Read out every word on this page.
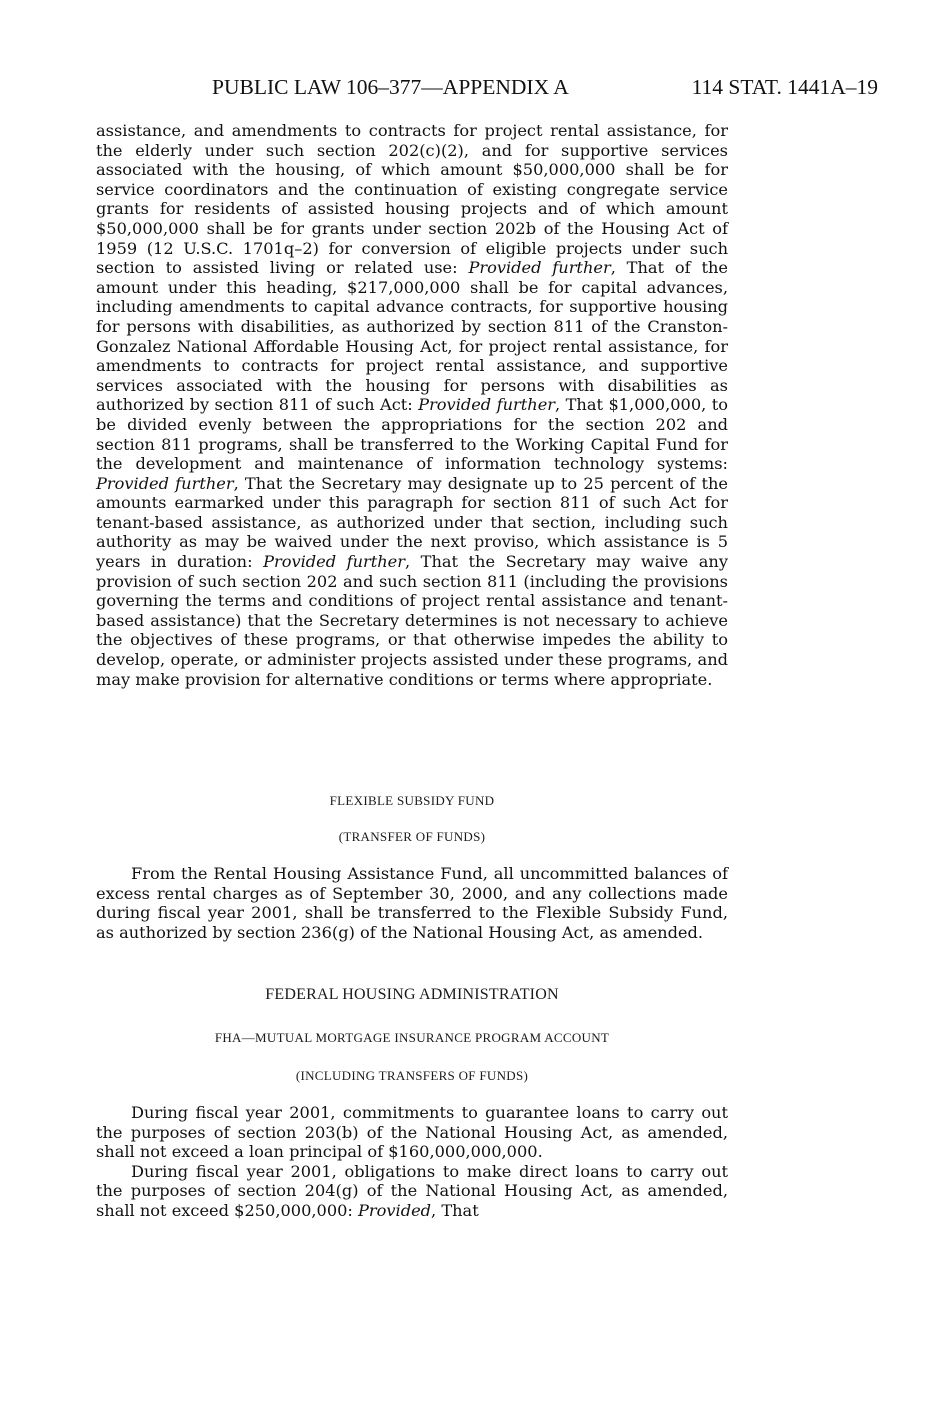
PUBLIC LAW 106–377—APPENDIX A	114 STAT. 1441A–19

assistance, and amendments to contracts for project rental assistance, for the elderly under such section 202(c)(2), and for supportive services associated with the housing, of which amount $50,000,000 shall be for service coordinators and the continuation of existing congregate service grants for residents of assisted housing projects and of which amount $50,000,000 shall be for grants under section 202b of the Housing Act of 1959 (12 U.S.C. 1701q–2) for conversion of eligible projects under such section to assisted living or related use: Provided further, That of the amount under this heading, $217,000,000 shall be for capital advances, including amendments to capital advance contracts, for supportive housing for persons with disabilities, as authorized by section 811 of the Cranston-Gonzalez National Affordable Housing Act, for project rental assistance, for amendments to contracts for project rental assistance, and supportive services associated with the housing for persons with disabilities as authorized by section 811 of such Act: Provided further, That $1,000,000, to be divided evenly between the appropriations for the section 202 and section 811 programs, shall be transferred to the Working Capital Fund for the development and maintenance of information technology systems: Provided further, That the Secretary may designate up to 25 percent of the amounts earmarked under this paragraph for section 811 of such Act for tenant-based assistance, as authorized under that section, including such authority as may be waived under the next proviso, which assistance is 5 years in duration: Provided further, That the Secretary may waive any provision of such section 202 and such section 811 (including the provisions governing the terms and conditions of project rental assistance and tenant-based assistance) that the Secretary determines is not necessary to achieve the objectives of these programs, or that otherwise impedes the ability to develop, operate, or administer projects assisted under these programs, and may make provision for alternative conditions or terms where appropriate.

FLEXIBLE SUBSIDY FUND
(TRANSFER OF FUNDS)

From the Rental Housing Assistance Fund, all uncommitted balances of excess rental charges as of September 30, 2000, and any collections made during fiscal year 2001, shall be transferred to the Flexible Subsidy Fund, as authorized by section 236(g) of the National Housing Act, as amended.

FEDERAL HOUSING ADMINISTRATION
FHA—MUTUAL MORTGAGE INSURANCE PROGRAM ACCOUNT
(INCLUDING TRANSFERS OF FUNDS)

During fiscal year 2001, commitments to guarantee loans to carry out the purposes of section 203(b) of the National Housing Act, as amended, shall not exceed a loan principal of $160,000,000,000.

During fiscal year 2001, obligations to make direct loans to carry out the purposes of section 204(g) of the National Housing Act, as amended, shall not exceed $250,000,000: Provided, That
